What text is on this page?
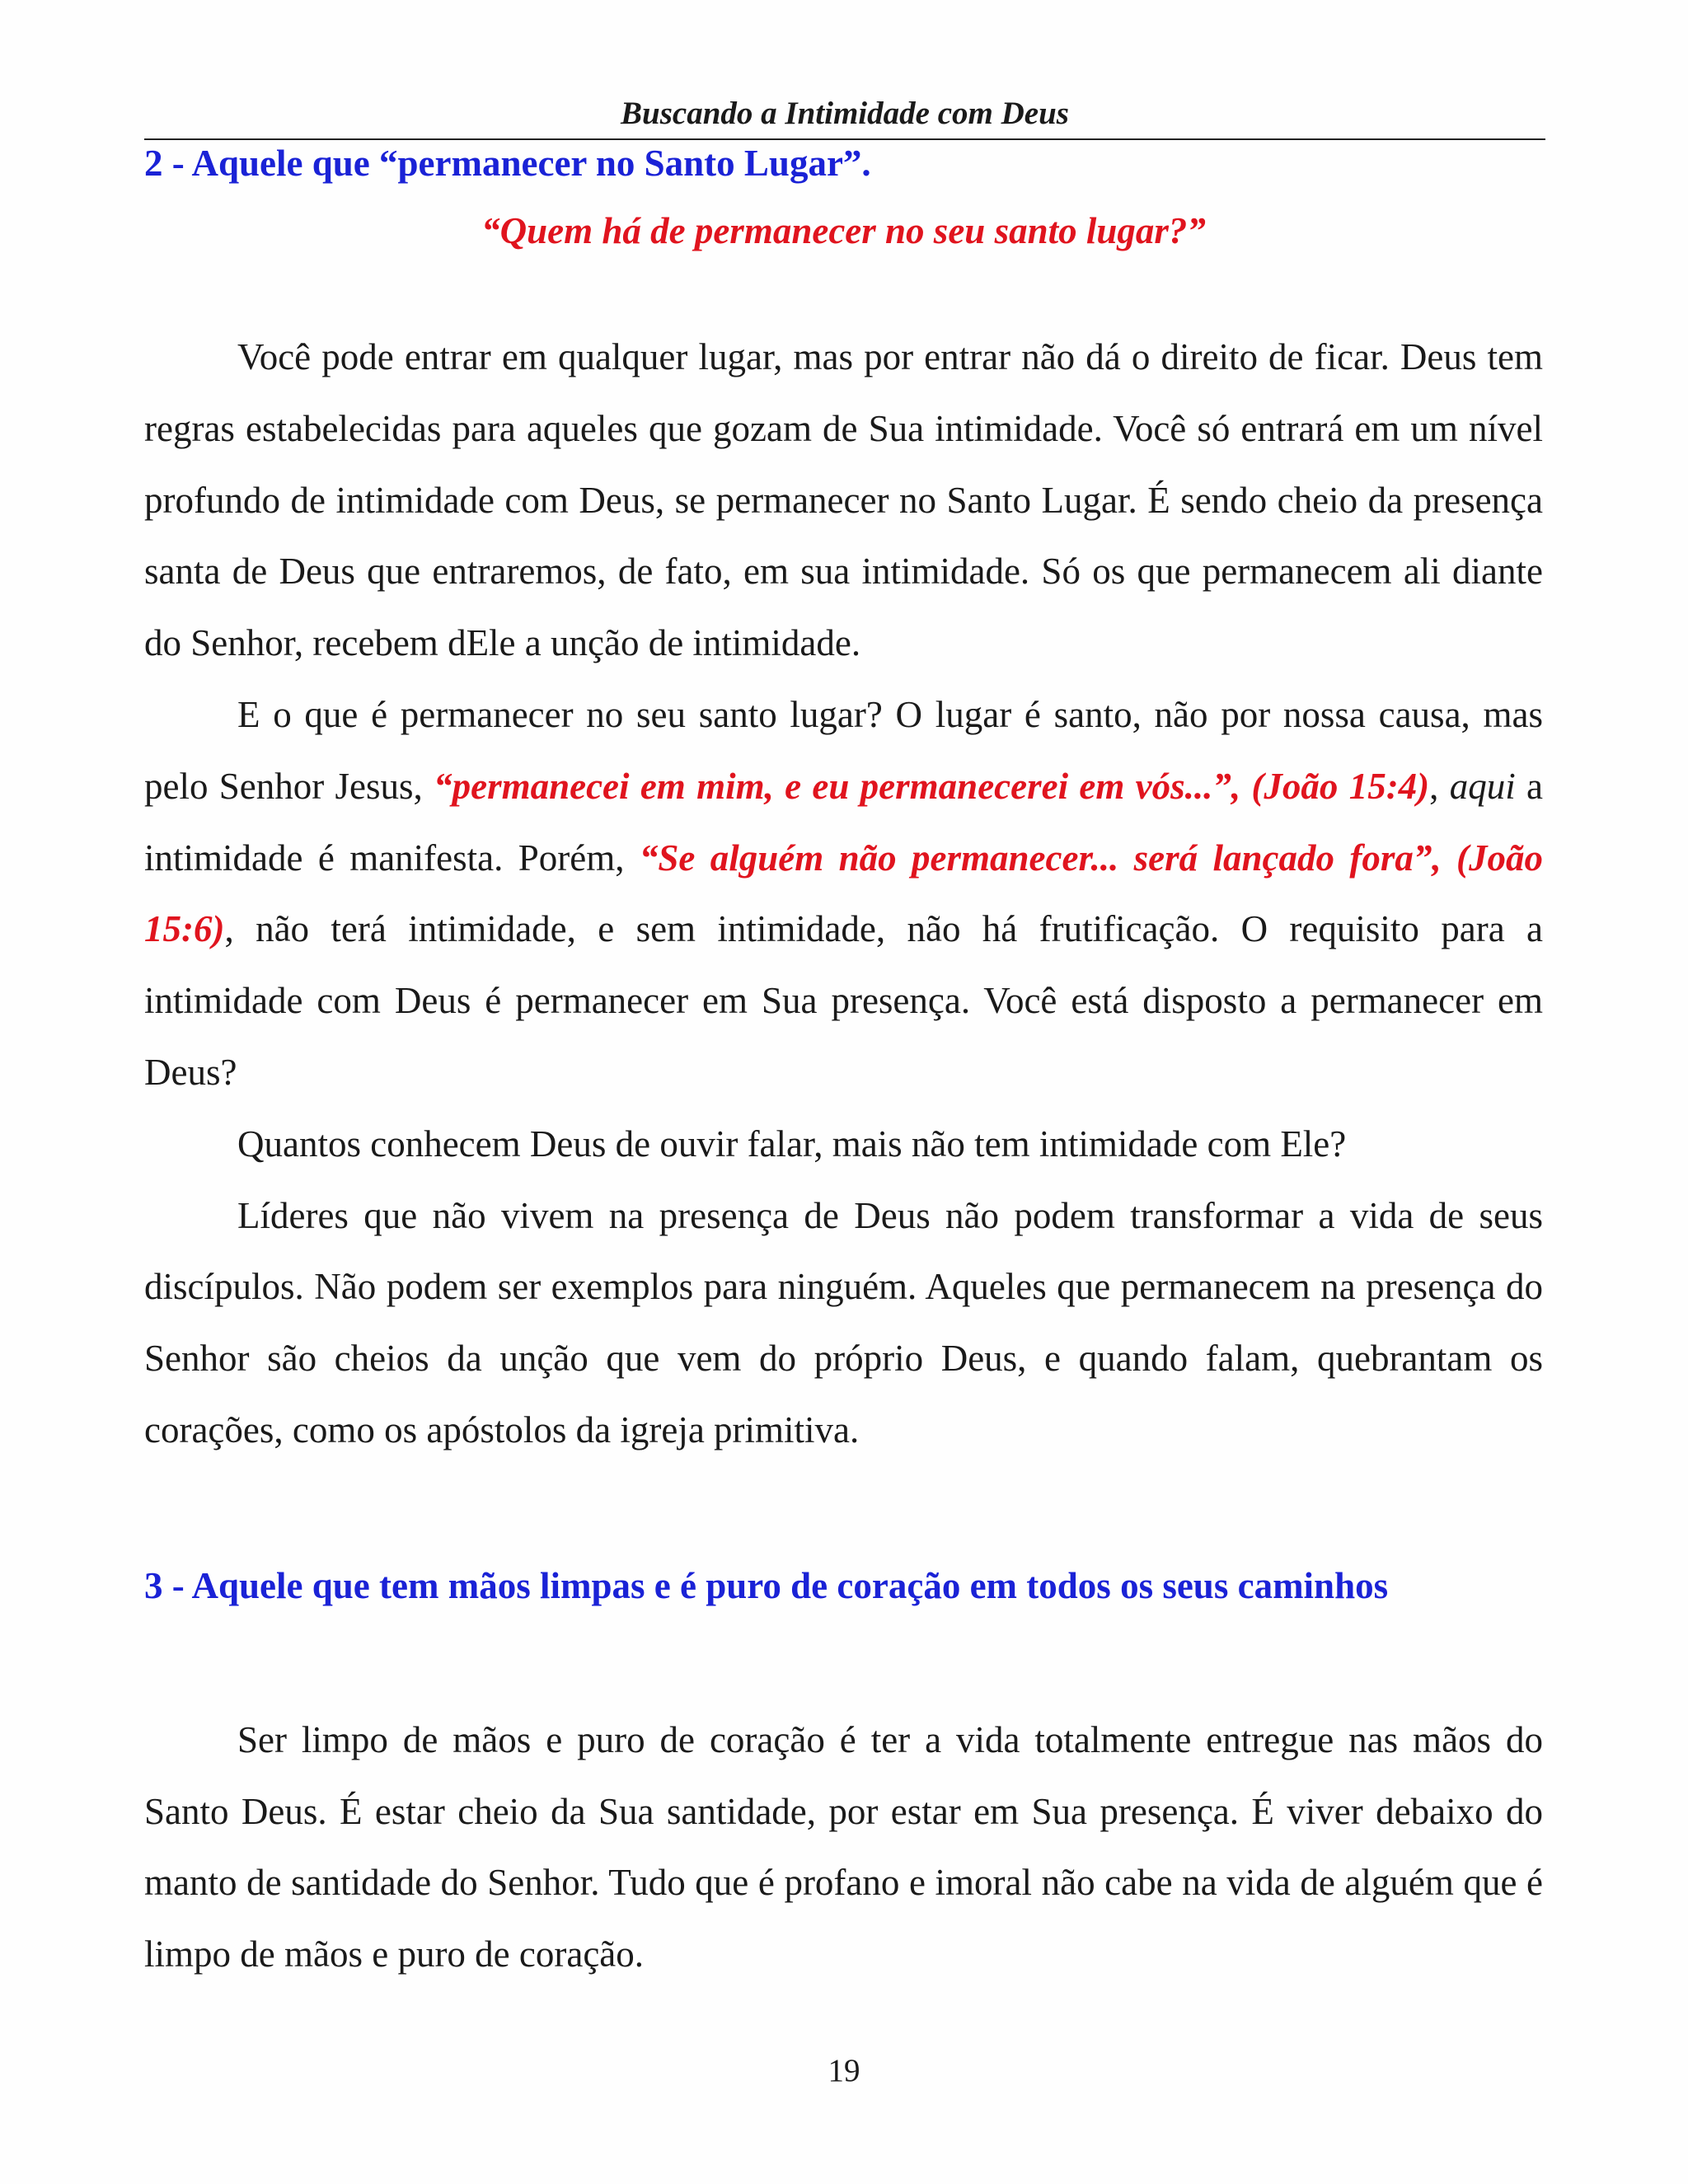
Buscando a Intimidade com Deus
2 - Aquele que “permanecer no Santo Lugar”.

“Quem há de permanecer no seu santo lugar?”

Você pode entrar em qualquer lugar, mas por entrar não dá o direito de ficar. Deus tem regras estabelecidas para aqueles que gozam de Sua intimidade. Você só entrará em um nível profundo de intimidade com Deus, se permanecer no Santo Lugar. É sendo cheio da presença santa de Deus que entraremos, de fato, em sua intimidade. Só os que permanecem ali diante do Senhor, recebem dEle a unção de intimidade.

E o que é permanecer no seu santo lugar? O lugar é santo, não por nossa causa, mas pelo Senhor Jesus, “permanecei em mim, e eu permanecerei em vós...”, (João 15:4), aqui a intimidade é manifesta. Porém, “Se alguém não permanecer... será lançado fora”, (João 15:6), não terá intimidade, e sem intimidade, não há frutificação. O requisito para a intimidade com Deus é permanecer em Sua presença. Você está disposto a permanecer em Deus?

Quantos conhecem Deus de ouvir falar, mais não tem intimidade com Ele?

Líderes que não vivem na presença de Deus não podem transformar a vida de seus discípulos. Não podem ser exemplos para ninguém. Aqueles que permanecem na presença do Senhor são cheios da unção que vem do próprio Deus, e quando falam, quebrantam os corações, como os apóstolos da igreja primitiva.

3 - Aquele que tem mãos limpas e é puro de coração em todos os seus caminhos

Ser limpo de mãos e puro de coração é ter a vida totalmente entregue nas mãos do Santo Deus. É estar cheio da Sua santidade, por estar em Sua presença. É viver debaixo do manto de santidade do Senhor. Tudo que é profano e imoral não cabe na vida de alguém que é limpo de mãos e puro de coração.

19
